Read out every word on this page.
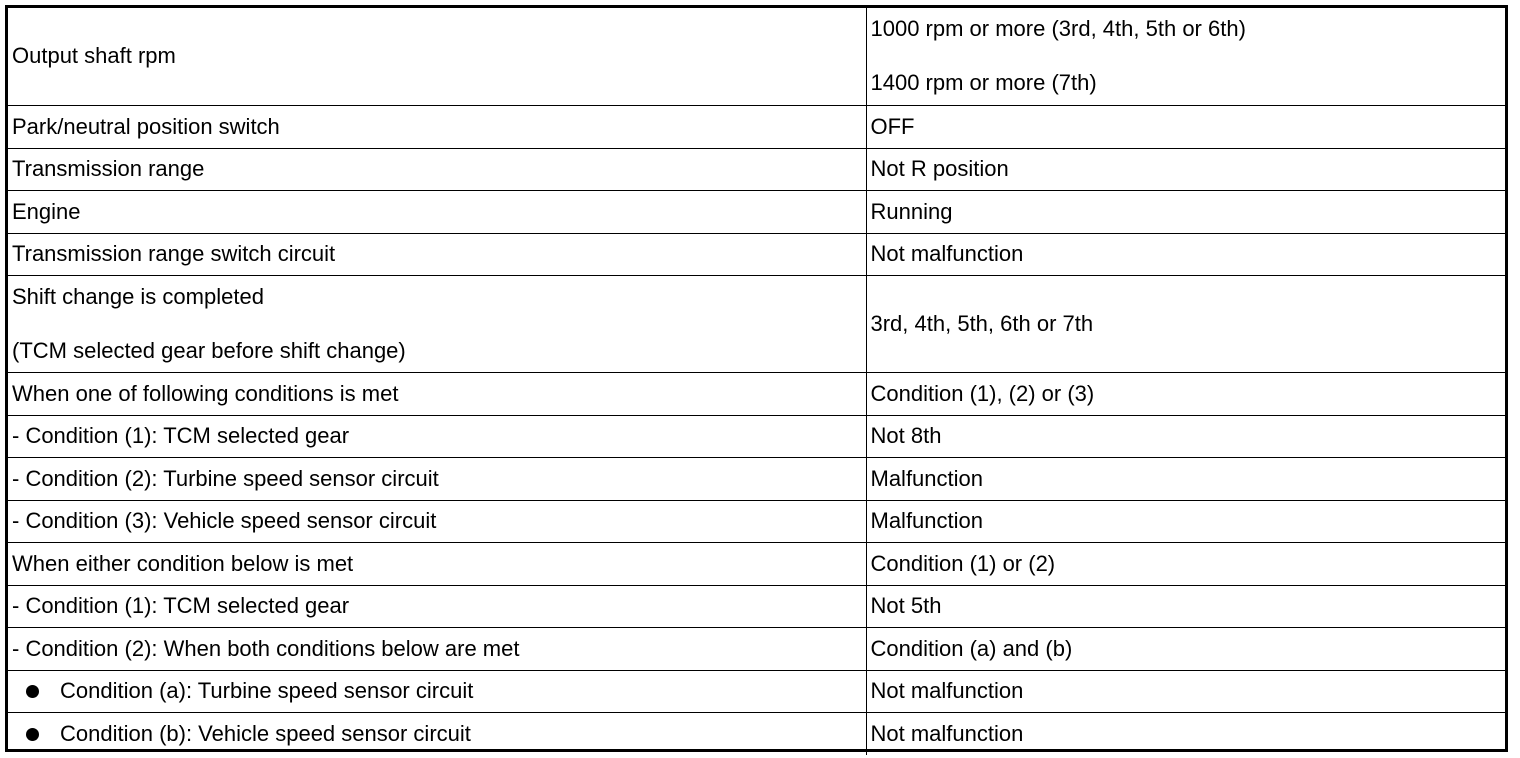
Output shaft rpm	1000 rpm or more (3rd, 4th, 5th or 6th)
1400 rpm or more (7th)

Park/neutral position switch	OFF
Transmission range	Not R position
Engine	Running
Transmission range switch circuit	Not malfunction

Shift change is completed
(TCM selected gear before shift change)	3rd, 4th, 5th, 6th or 7th
When one of following conditions is met	Condition (1), (2) or (3)
- Condition (1): TCM selected gear	Not 8th
- Condition (2): Turbine speed sensor circuit	Malfunction
- Condition (3): Vehicle speed sensor circuit	Malfunction
When either condition below is met	Condition (1) or (2)
- Condition (1): TCM selected gear	Not 5th
- Condition (2): When both conditions below are met	Condition (a) and (b)

Condition (a): Turbine speed sensor circuit	Not malfunction

Condition (b): Vehicle speed sensor circuit	Not malfunction
